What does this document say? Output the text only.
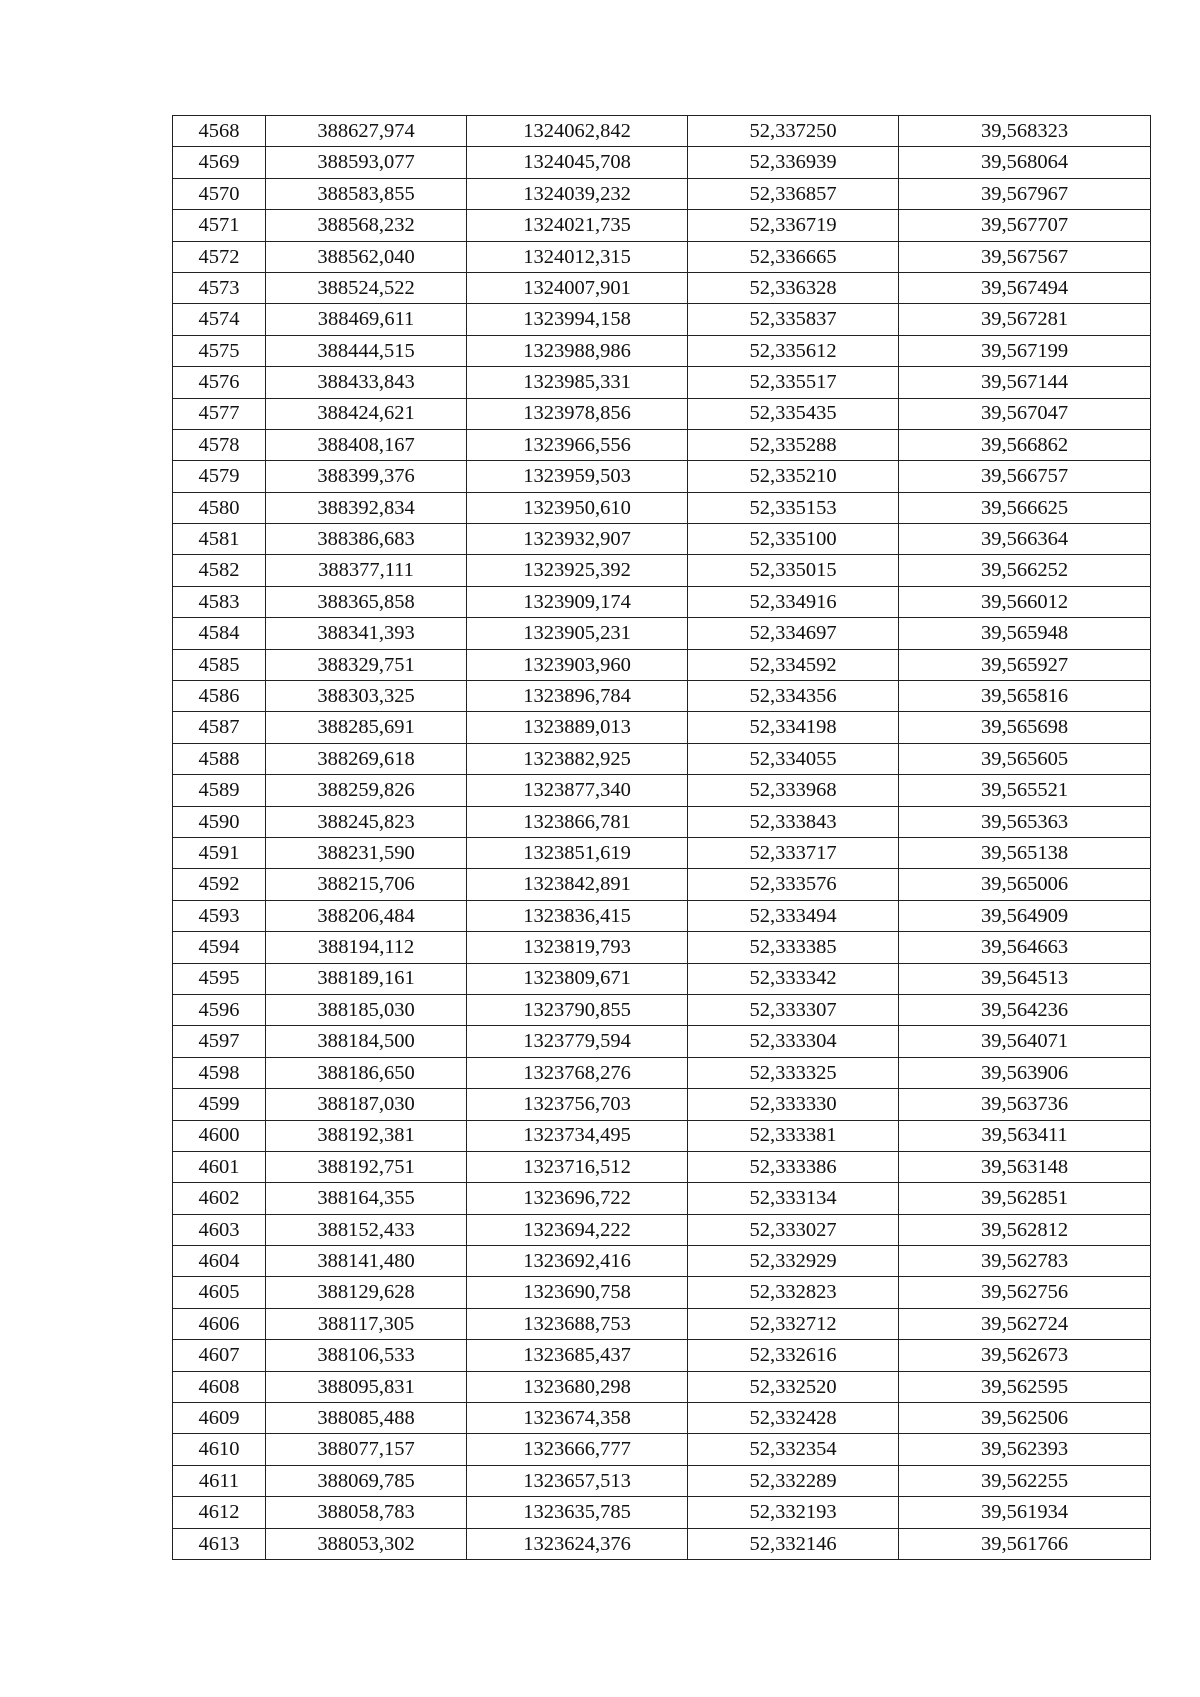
4568	388627,974	1324062,842	52,337250	39,568323
4569	388593,077	1324045,708	52,336939	39,568064
4570	388583,855	1324039,232	52,336857	39,567967
4571	388568,232	1324021,735	52,336719	39,567707
4572	388562,040	1324012,315	52,336665	39,567567
4573	388524,522	1324007,901	52,336328	39,567494
4574	388469,611	1323994,158	52,335837	39,567281
4575	388444,515	1323988,986	52,335612	39,567199
4576	388433,843	1323985,331	52,335517	39,567144
4577	388424,621	1323978,856	52,335435	39,567047
4578	388408,167	1323966,556	52,335288	39,566862
4579	388399,376	1323959,503	52,335210	39,566757
4580	388392,834	1323950,610	52,335153	39,566625
4581	388386,683	1323932,907	52,335100	39,566364
4582	388377,111	1323925,392	52,335015	39,566252
4583	388365,858	1323909,174	52,334916	39,566012
4584	388341,393	1323905,231	52,334697	39,565948
4585	388329,751	1323903,960	52,334592	39,565927
4586	388303,325	1323896,784	52,334356	39,565816
4587	388285,691	1323889,013	52,334198	39,565698
4588	388269,618	1323882,925	52,334055	39,565605
4589	388259,826	1323877,340	52,333968	39,565521
4590	388245,823	1323866,781	52,333843	39,565363
4591	388231,590	1323851,619	52,333717	39,565138
4592	388215,706	1323842,891	52,333576	39,565006
4593	388206,484	1323836,415	52,333494	39,564909
4594	388194,112	1323819,793	52,333385	39,564663
4595	388189,161	1323809,671	52,333342	39,564513
4596	388185,030	1323790,855	52,333307	39,564236
4597	388184,500	1323779,594	52,333304	39,564071
4598	388186,650	1323768,276	52,333325	39,563906
4599	388187,030	1323756,703	52,333330	39,563736
4600	388192,381	1323734,495	52,333381	39,563411
4601	388192,751	1323716,512	52,333386	39,563148
4602	388164,355	1323696,722	52,333134	39,562851
4603	388152,433	1323694,222	52,333027	39,562812
4604	388141,480	1323692,416	52,332929	39,562783
4605	388129,628	1323690,758	52,332823	39,562756
4606	388117,305	1323688,753	52,332712	39,562724
4607	388106,533	1323685,437	52,332616	39,562673
4608	388095,831	1323680,298	52,332520	39,562595
4609	388085,488	1323674,358	52,332428	39,562506
4610	388077,157	1323666,777	52,332354	39,562393
4611	388069,785	1323657,513	52,332289	39,562255
4612	388058,783	1323635,785	52,332193	39,561934
4613	388053,302	1323624,376	52,332146	39,561766
